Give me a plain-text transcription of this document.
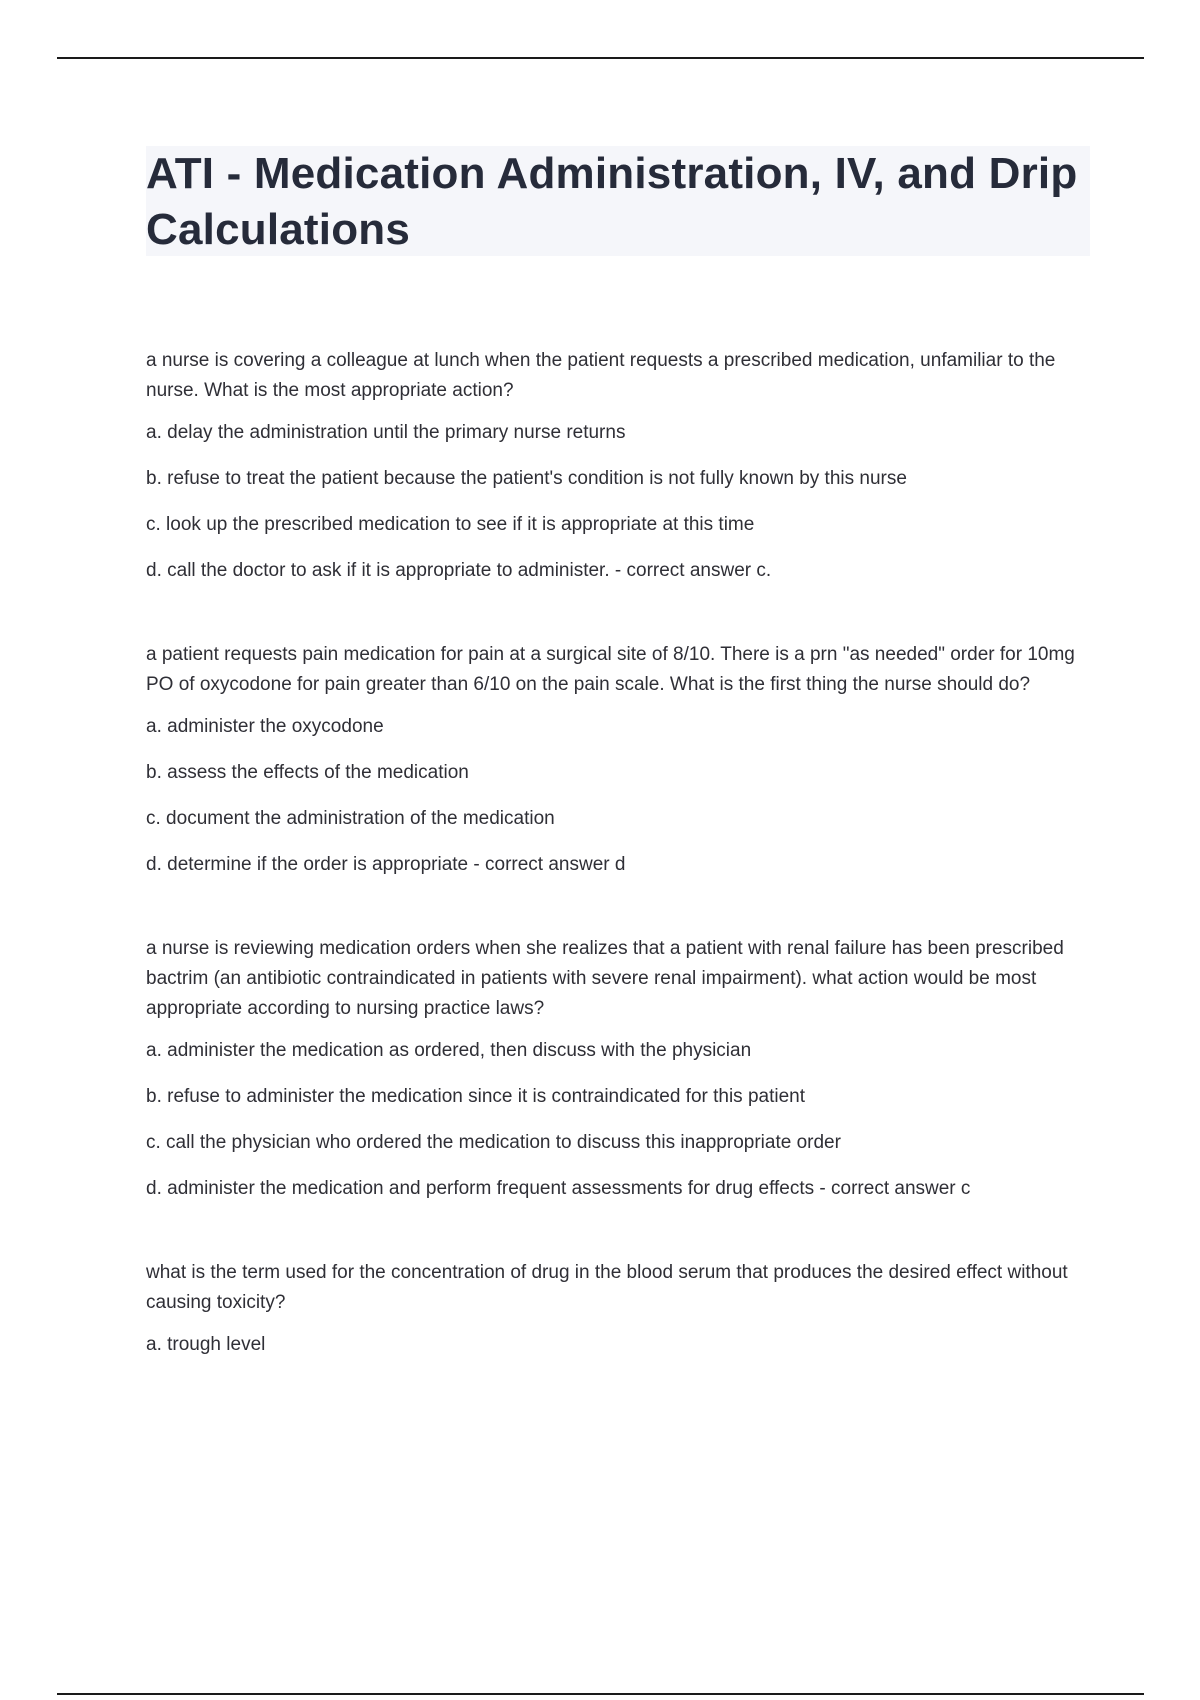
ATI - Medication Administration, IV, and Drip Calculations

a nurse is covering a colleague at lunch when the patient requests a prescribed medication, unfamiliar to the nurse. What is the most appropriate action?

a. delay the administration until the primary nurse returns

b. refuse to treat the patient because the patient's condition is not fully known by this nurse

c. look up the prescribed medication to see if it is appropriate at this time

d. call the doctor to ask if it is appropriate to administer. - correct answer c.

a patient requests pain medication for pain at a surgical site of 8/10. There is a prn "as needed" order for 10mg PO of oxycodone for pain greater than 6/10 on the pain scale. What is the first thing the nurse should do?

a. administer the oxycodone

b. assess the effects of the medication

c. document the administration of the medication

d. determine if the order is appropriate - correct answer d

a nurse is reviewing medication orders when she realizes that a patient with renal failure has been prescribed bactrim (an antibiotic contraindicated in patients with severe renal impairment). what action would be most appropriate according to nursing practice laws?

a. administer the medication as ordered, then discuss with the physician

b. refuse to administer the medication since it is contraindicated for this patient

c. call the physician who ordered the medication to discuss this inappropriate order

d. administer the medication and perform frequent assessments for drug effects - correct answer c

what is the term used for the concentration of drug in the blood serum that produces the desired effect without causing toxicity?

a. trough level
